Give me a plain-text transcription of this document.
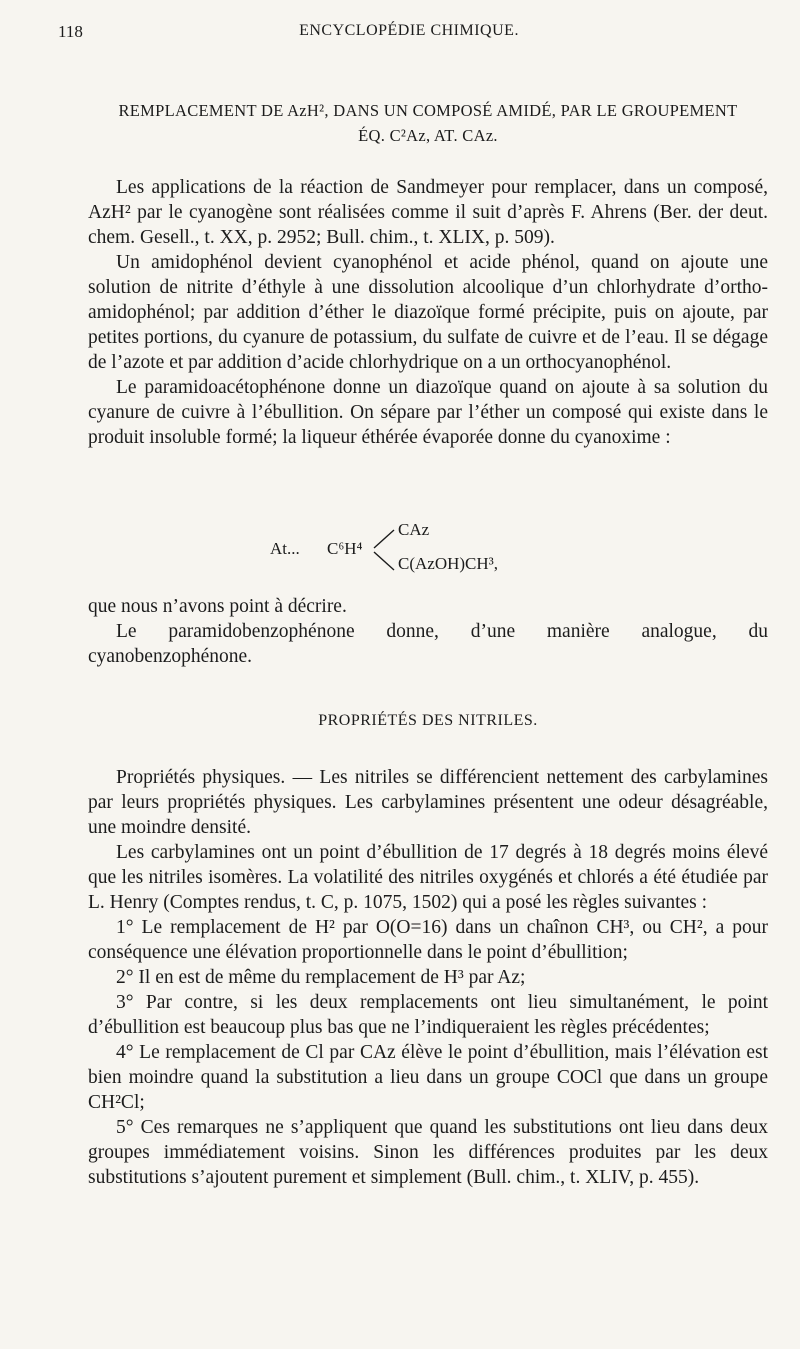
118	ENCYCLOPÉDIE CHIMIQUE.
REMPLACEMENT DE AzH², DANS UN COMPOSÉ AMIDÉ, PAR LE GROUPEMENT
ÉQ. C²Az, AT. CAz.

Les applications de la réaction de Sandmeyer pour remplacer, dans un composé, AzH² par le cyanogène sont réalisées comme il suit d’après F. Ahrens (Ber. der deut. chem. Gesell., t. XX, p. 2952; Bull. chim., t. XLIX, p. 509).

Un amidophénol devient cyanophénol et acide phénol, quand on ajoute une solution de nitrite d’éthyle à une dissolution alcoolique d’un chlorhydrate d’ortho-amidophénol; par addition d’éther le diazoïque formé précipite, puis on ajoute, par petites portions, du cyanure de potassium, du sulfate de cuivre et de l’eau. Il se dégage de l’azote et par addition d’acide chlorhydrique on a un orthocyanophénol.

Le paramidoacétophénone donne un diazoïque quand on ajoute à sa solution du cyanure de cuivre à l’ébullition. On sépare par l’éther un composé qui existe dans le produit insoluble formé; la liqueur éthérée évaporée donne du cyanoxime :

At... C⁶H⁴
CAz
C(AzOH)CH³,

que nous n’avons point à décrire.

Le paramidobenzophénone donne, d’une manière analogue, du cyanobenzophénone.

PROPRIÉTÉS DES NITRILES.

Propriétés physiques. — Les nitriles se différencient nettement des carbylamines par leurs propriétés physiques. Les carbylamines présentent une odeur désagréable, une moindre densité.

Les carbylamines ont un point d’ébullition de 17 degrés à 18 degrés moins élevé que les nitriles isomères. La volatilité des nitriles oxygénés et chlorés a été étudiée par L. Henry (Comptes rendus, t. C, p. 1075, 1502) qui a posé les règles suivantes :

1° Le remplacement de H² par O(O=16) dans un chaînon CH³, ou CH², a pour conséquence une élévation proportionnelle dans le point d’ébullition;

2° Il en est de même du remplacement de H³ par Az;

3° Par contre, si les deux remplacements ont lieu simultanément, le point d’ébullition est beaucoup plus bas que ne l’indiqueraient les règles précédentes;

4° Le remplacement de Cl par CAz élève le point d’ébullition, mais l’élévation est bien moindre quand la substitution a lieu dans un groupe COCl que dans un groupe CH²Cl;

5° Ces remarques ne s’appliquent que quand les substitutions ont lieu dans deux groupes immédiatement voisins. Sinon les différences produites par les deux substitutions s’ajoutent purement et simplement (Bull. chim., t. XLIV, p. 455).
